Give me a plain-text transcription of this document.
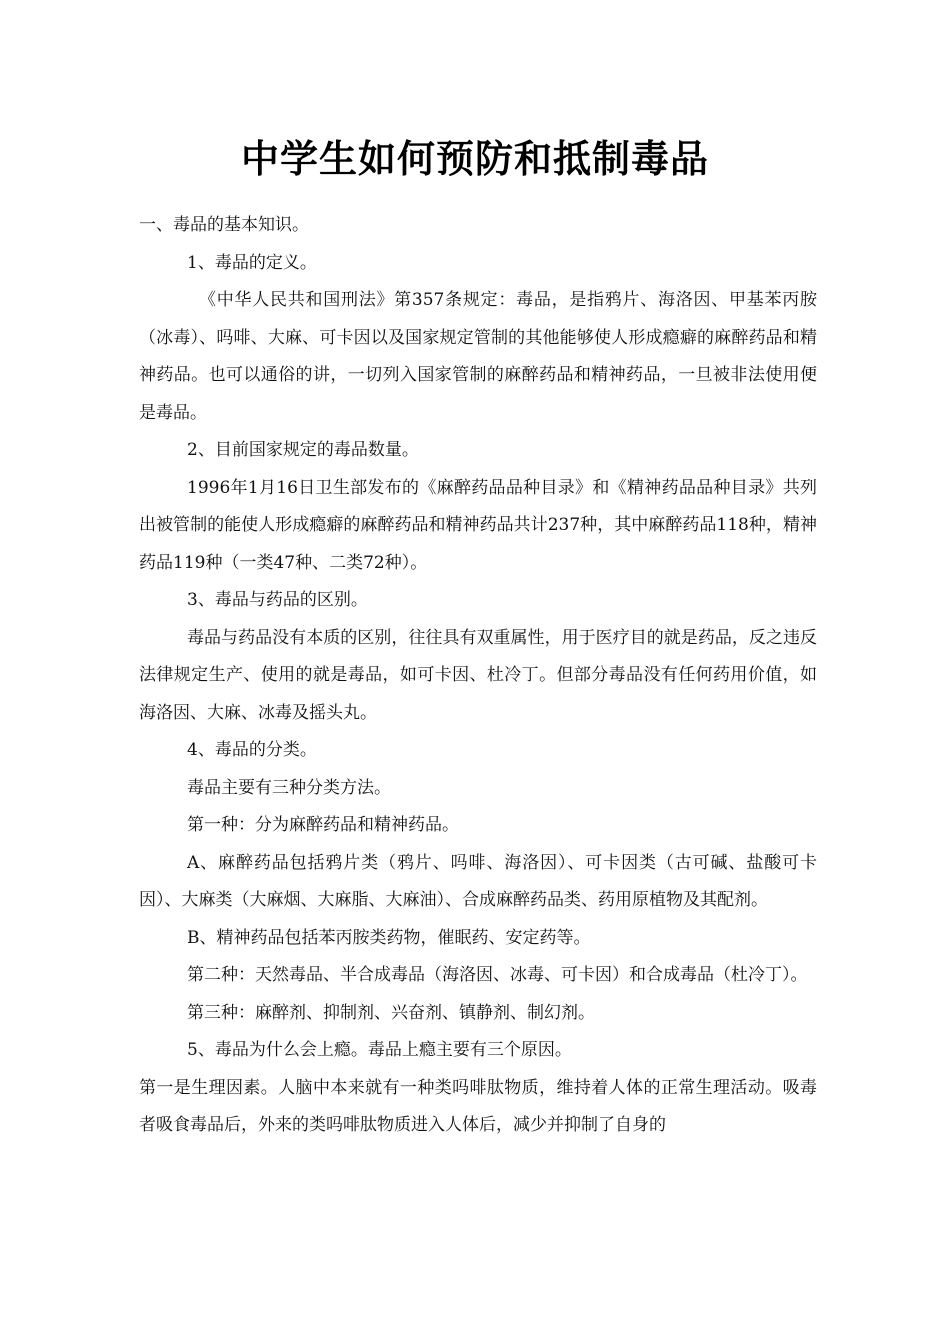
中学生如何预防和抵制毒品

一、毒品的基本知识。

1、毒品的定义。

《中华人民共和国刑法》第357条规定：毒品，是指鸦片、海洛因、甲基苯丙胺（冰毒）、吗啡、大麻、可卡因以及国家规定管制的其他能够使人形成瘾癖的麻醉药品和精神药品。也可以通俗的讲，一切列入国家管制的麻醉药品和精神药品，一旦被非法使用便是毒品。

2、目前国家规定的毒品数量。

1996年1月16日卫生部发布的《麻醉药品品种目录》和《精神药品品种目录》共列出被管制的能使人形成瘾癖的麻醉药品和精神药品共计237种，其中麻醉药品118种，精神药品119种（一类47种、二类72种）。

3、毒品与药品的区别。

毒品与药品没有本质的区别，往往具有双重属性，用于医疗目的就是药品，反之违反法律规定生产、使用的就是毒品，如可卡因、杜冷丁。但部分毒品没有任何药用价值，如海洛因、大麻、冰毒及摇头丸。

4、毒品的分类。

毒品主要有三种分类方法。

第一种：分为麻醉药品和精神药品。

A、麻醉药品包括鸦片类（鸦片、吗啡、海洛因）、可卡因类（古可碱、盐酸可卡因）、大麻类（大麻烟、大麻脂、大麻油）、合成麻醉药品类、药用原植物及其配剂。

B、精神药品包括苯丙胺类药物，催眠药、安定药等。

第二种：天然毒品、半合成毒品（海洛因、冰毒、可卡因）和合成毒品（杜冷丁）。

第三种：麻醉剂、抑制剂、兴奋剂、镇静剂、制幻剂。

5、毒品为什么会上瘾。毒品上瘾主要有三个原因。

第一是生理因素。人脑中本来就有一种类吗啡肽物质，维持着人体的正常生理活动。吸毒者吸食毒品后，外来的类吗啡肽物质进入人体后，减少并抑制了自身的
